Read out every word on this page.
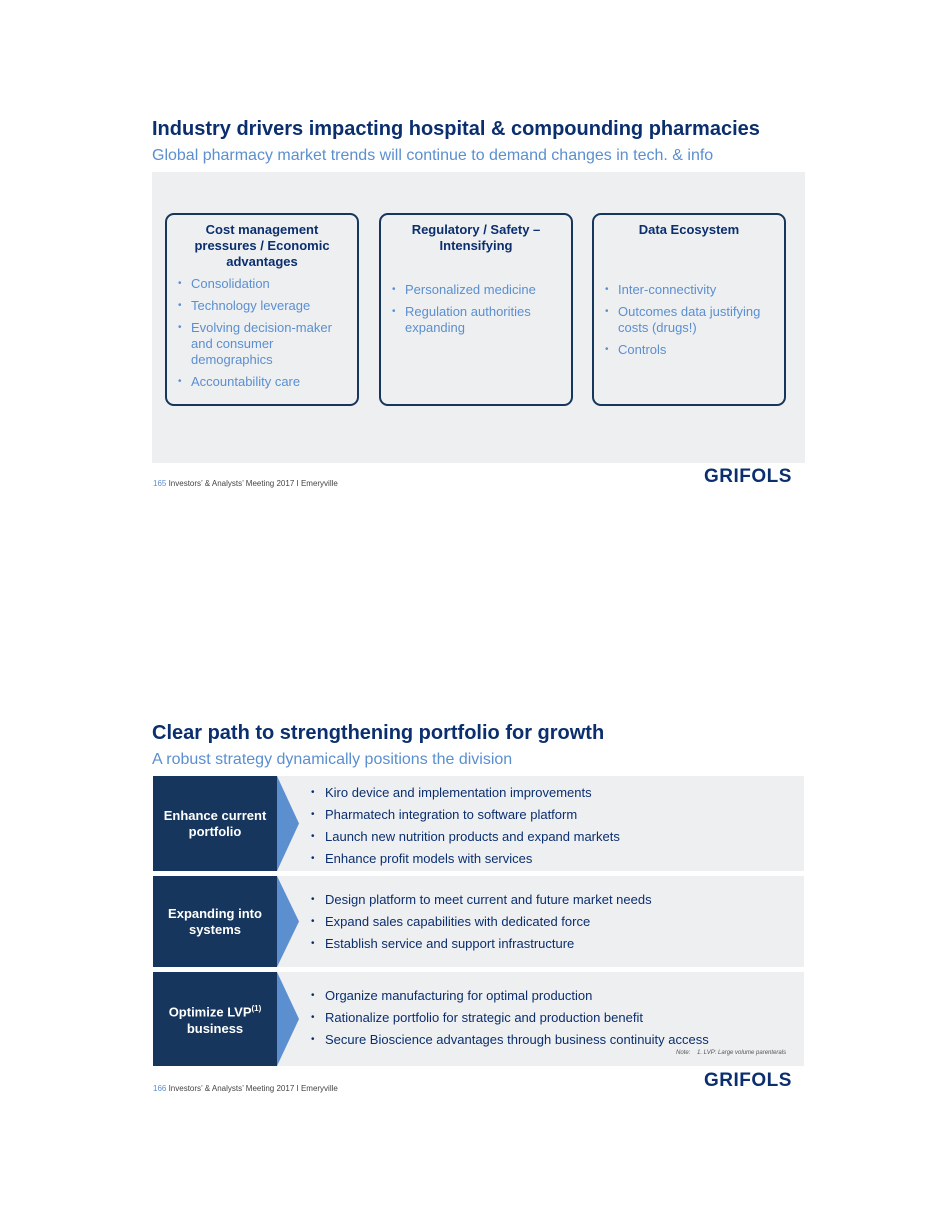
Industry drivers impacting hospital & compounding pharmacies
Global pharmacy market trends will continue to demand changes in tech. & info
Cost management pressures / Economic advantages
• Consolidation
• Technology leverage
• Evolving decision-maker and consumer demographics
• Accountability care
Regulatory / Safety – Intensifying
• Personalized medicine
• Regulation authorities expanding
Data Ecosystem
• Inter-connectivity
• Outcomes data justifying costs (drugs!)
• Controls
165 Investors’ & Analysts’ Meeting 2017 I Emeryville	GRIFOLS
Clear path to strengthening portfolio for growth
A robust strategy dynamically positions the division
Enhance current portfolio
• Kiro device and implementation improvements
• Pharmatech integration to software platform
• Launch new nutrition products and expand markets
• Enhance profit models with services
Expanding into systems
• Design platform to meet current and future market needs
• Expand sales capabilities with dedicated force
• Establish service and support infrastructure
Optimize LVP$^{(1)}$
business
• Organize manufacturing for optimal production
• Rationalize portfolio for strategic and production benefit
• Secure Bioscience advantages through business continuity access
Note: 1. LVP: Large volume parenterals
166 Investors’ & Analysts’ Meeting 2017 I Emeryville	GRIFOLS
